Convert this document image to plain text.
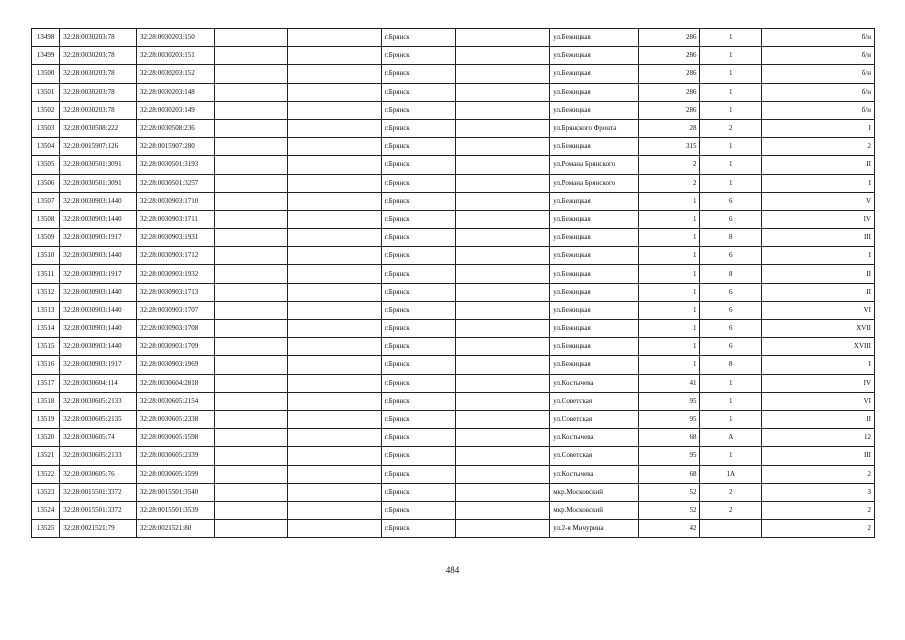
13498	32:28:0030203:78	32:28:0030203:150			г.Брянск		ул.Бежицкая	286	1	б/н
13499	32:28:0030203:78	32:28:0030203:151			г.Брянск		ул.Бежицкая	286	1	б/н
13500	32:28:0030203:78	32:28:0030203:152			г.Брянск		ул.Бежицкая	286	1	б/н
13501	32:28:0030203:78	32:28:0030203:148			г.Брянск		ул.Бежицкая	286	1	б/н
13502	32:28:0030203:78	32:28:0030203:149			г.Брянск		ул.Бежицкая	286	1	б/н
13503	32:28:0030508:222	32:28:0030508:236			г.Брянск		ул.Брянского Фронта	28	2	I
13504	32:28:0015907:126	32:28:0015907:280			г.Брянск		ул.Бежицкая	315	1	2
13505	32:28:0030501:3091	32:28:0030501:3193			г.Брянск		ул.Романа Брянского	2	1	II
13506	32:28:0030501:3091	32:28:0030501:3257			г.Брянск		ул.Романа Брянского	2	1	I
13507	32:28:0030903:1440	32:28:0030903:1710			г.Брянск		ул.Бежицкая	1	6	V
13508	32:28:0030903:1440	32:28:0030903:1711			г.Брянск		ул.Бежицкая	1	6	IV
13509	32:28:0030903:1917	32:28:0030903:1931			г.Брянск		ул.Бежицкая	1	8	III
13510	32:28:0030903:1440	32:28:0030903:1712			г.Брянск		ул.Бежицкая	1	6	I
13511	32:28:0030903:1917	32:28:0030903:1932			г.Брянск		ул.Бежицкая	1	8	II
13512	32:28:0030903:1440	32:28:0030903:1713			г.Брянск		ул.Бежицкая	1	6	II
13513	32:28:0030903:1440	32:28:0030903:1707			г.Брянск		ул.Бежицкая	1	6	VI
13514	32:28:0030903:1440	32:28:0030903:1708			г.Брянск		ул.Бежицкая	1	6	XVII
13515	32:28:0030903:1440	32:28:0030903:1709			г.Брянск		ул.Бежицкая	1	6	XVIII
13516	32:28:0030903:1917	32:28:0030903:1969			г.Брянск		ул.Бежицкая	1	8	I
13517	32:28:0030604:114	32:28:0030604:2818			г.Брянск		ул.Костычева	41	1	IV
13518	32:28:0030605:2133	32:28:0030605:2154			г.Брянск		ул.Советская	95	1	VI
13519	32:28:0030605:2135	32:28:0030605:2338			г.Брянск		ул.Советская	95	1	II
13520	32:28:0030605:74	32:28:0030605:1598			г.Брянск		ул.Костычева	68	А	12
13521	32:28:0030605:2133	32:28:0030605:2339			г.Брянск		ул.Советская	95	1	III
13522	32:28:0030605:76	32:28:0030605:1599			г.Брянск		ул.Костычева	68	1А	2
13523	32:28:0015501:3372	32:28:0015501:3540			г.Брянск		мкр.Московский	52	2	3
13524	32:28:0015501:3372	32:28:0015501:3539			г.Брянск		мкр.Московский	52	2	2
13525	32:28:0021521:79	32:28:0021521:80			г.Брянск		ул.2-я Мичурина	42		2
484
